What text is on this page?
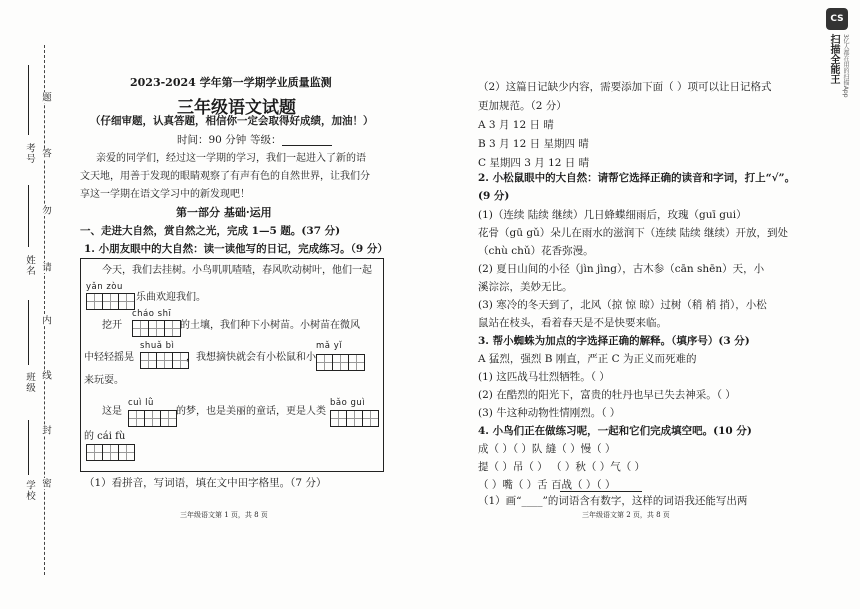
CS
扫描全能王 3亿人都在用的扫描App
学校
班级
姓名
考号
密
封
线
内
请
勿
答
题
2023-2024 学年第一学期学业质量监测
三年级语文试题
（仔细审题，认真答题，相信你一定会取得好成绩，加油！）
时间：90 分钟 等级：
亲爱的同学们，经过这一学期的学习，我们一起进入了新的语
文天地，用善于发现的眼睛观察了有声有色的自然世界，让我们分
享这一学期在语文学习中的新发现吧！
第一部分 基础·运用
一、走进大自然，赏自然之光，完成 1—5 题。(37 分)
1. 小朋友眼中的大自然：读一读他写的日记，完成练习。（9 分）
今天，我们去挂树。小鸟叽叽喳喳，春风吹动树叶，他们一起
yǎn zòu
乐曲欢迎我们。
挖开
cháo shī
的土壤，我们种下小树苗。小树苗在微风
中轻轻摇晃
shuǎ bì
，我想摘快就会有小松鼠和小
mǎ yǐ
来玩耍。
这是
cuì lǜ
的梦，也是美丽的童话，更是人类
bǎo guì
的 cái fù
（1）看拼音，写词语，填在文中田字格里。（7 分）
三年级语文第 1 页，共 8 页
（2）这篇日记缺少内容，需要添加下面（ ）项可以让日记格式
更加规范。（2 分）
A 3 月 12 日 晴
B 3 月 12 日 星期四 晴
C 星期四 3 月 12 日 晴
2. 小松鼠眼中的大自然：请帮它选择正确的读音和字词，打上“√”。
(9 分)
(1)（连续 陆续 继续）几日蜂蝶细雨后，玫瑰（guī gui）
花骨（gū gǔ）朵儿在雨水的滋润下（连续 陆续 继续）开放，到处
（chù chǔ）花香弥漫。
(2) 夏日山间的小径（jìn jìng），古木参（cān shēn）天，小
溪淙淙，美妙无比。
(3) 寒冷的冬天到了，北风（掠 惊 晾）过树（稍 梢 捎），小松
鼠站在枝头，看着春天是不是快要来临。
3. 帮小蜘蛛为加点的字选择正确的解释。（填序号）(3 分)
A 猛烈，强烈 B 刚直，严正 C 为正义而死难的
(1) 这匹战马壮烈牺牲。（ ）
(2) 在酷烈的阳光下，富贵的牡丹也早已失去神采。（ ）
(3) 牛这种动物性情刚烈。（ ）
4. 小鸟们正在做练习呢，一起和它们完成填空吧。(10 分)
成（ ）（ ）队 縫（ ）慢（ ）
提（ ）吊（ ） （ ）秋（ ）气（ ）
（ ）嘴（ ）舌 百战（ ）（ ）
（1）画“____”的词语含有数字，这样的词语我还能写出两
三年级语文第 2 页，共 8 页
